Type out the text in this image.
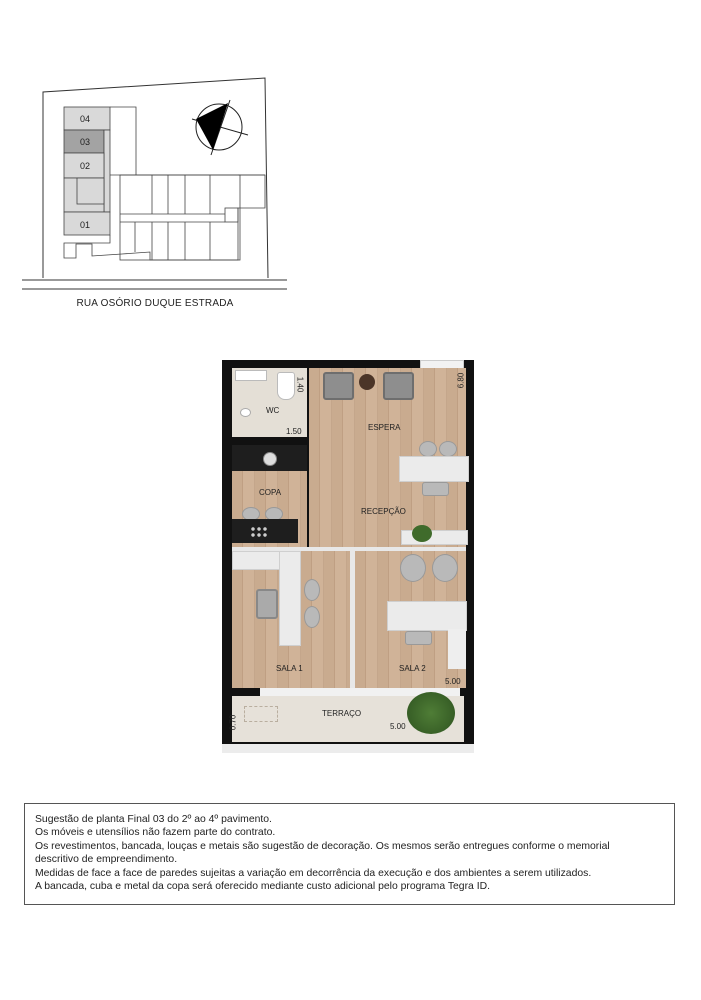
04
03
02
01
RUA OSÓRIO DUQUE ESTRADA
WC
1.50
1.40
COPA
ESPERA
RECEPÇÃO
SALA 1	SALA 2
5.00
6.80
TERRAÇO
5.00
0.70
Sugestão de planta Final 03 do 2º ao 4º pavimento.
Os móveis e utensílios não fazem parte do contrato.
Os revestimentos, bancada, louças e metais são sugestão de decoração. Os mesmos serão entregues conforme o memorial
descritivo de empreendimento.
Medidas de face a face de paredes sujeitas a variação em decorrência da execução e dos ambientes a serem utilizados.
A bancada, cuba e metal da copa será oferecido mediante custo adicional pelo programa Tegra ID.
